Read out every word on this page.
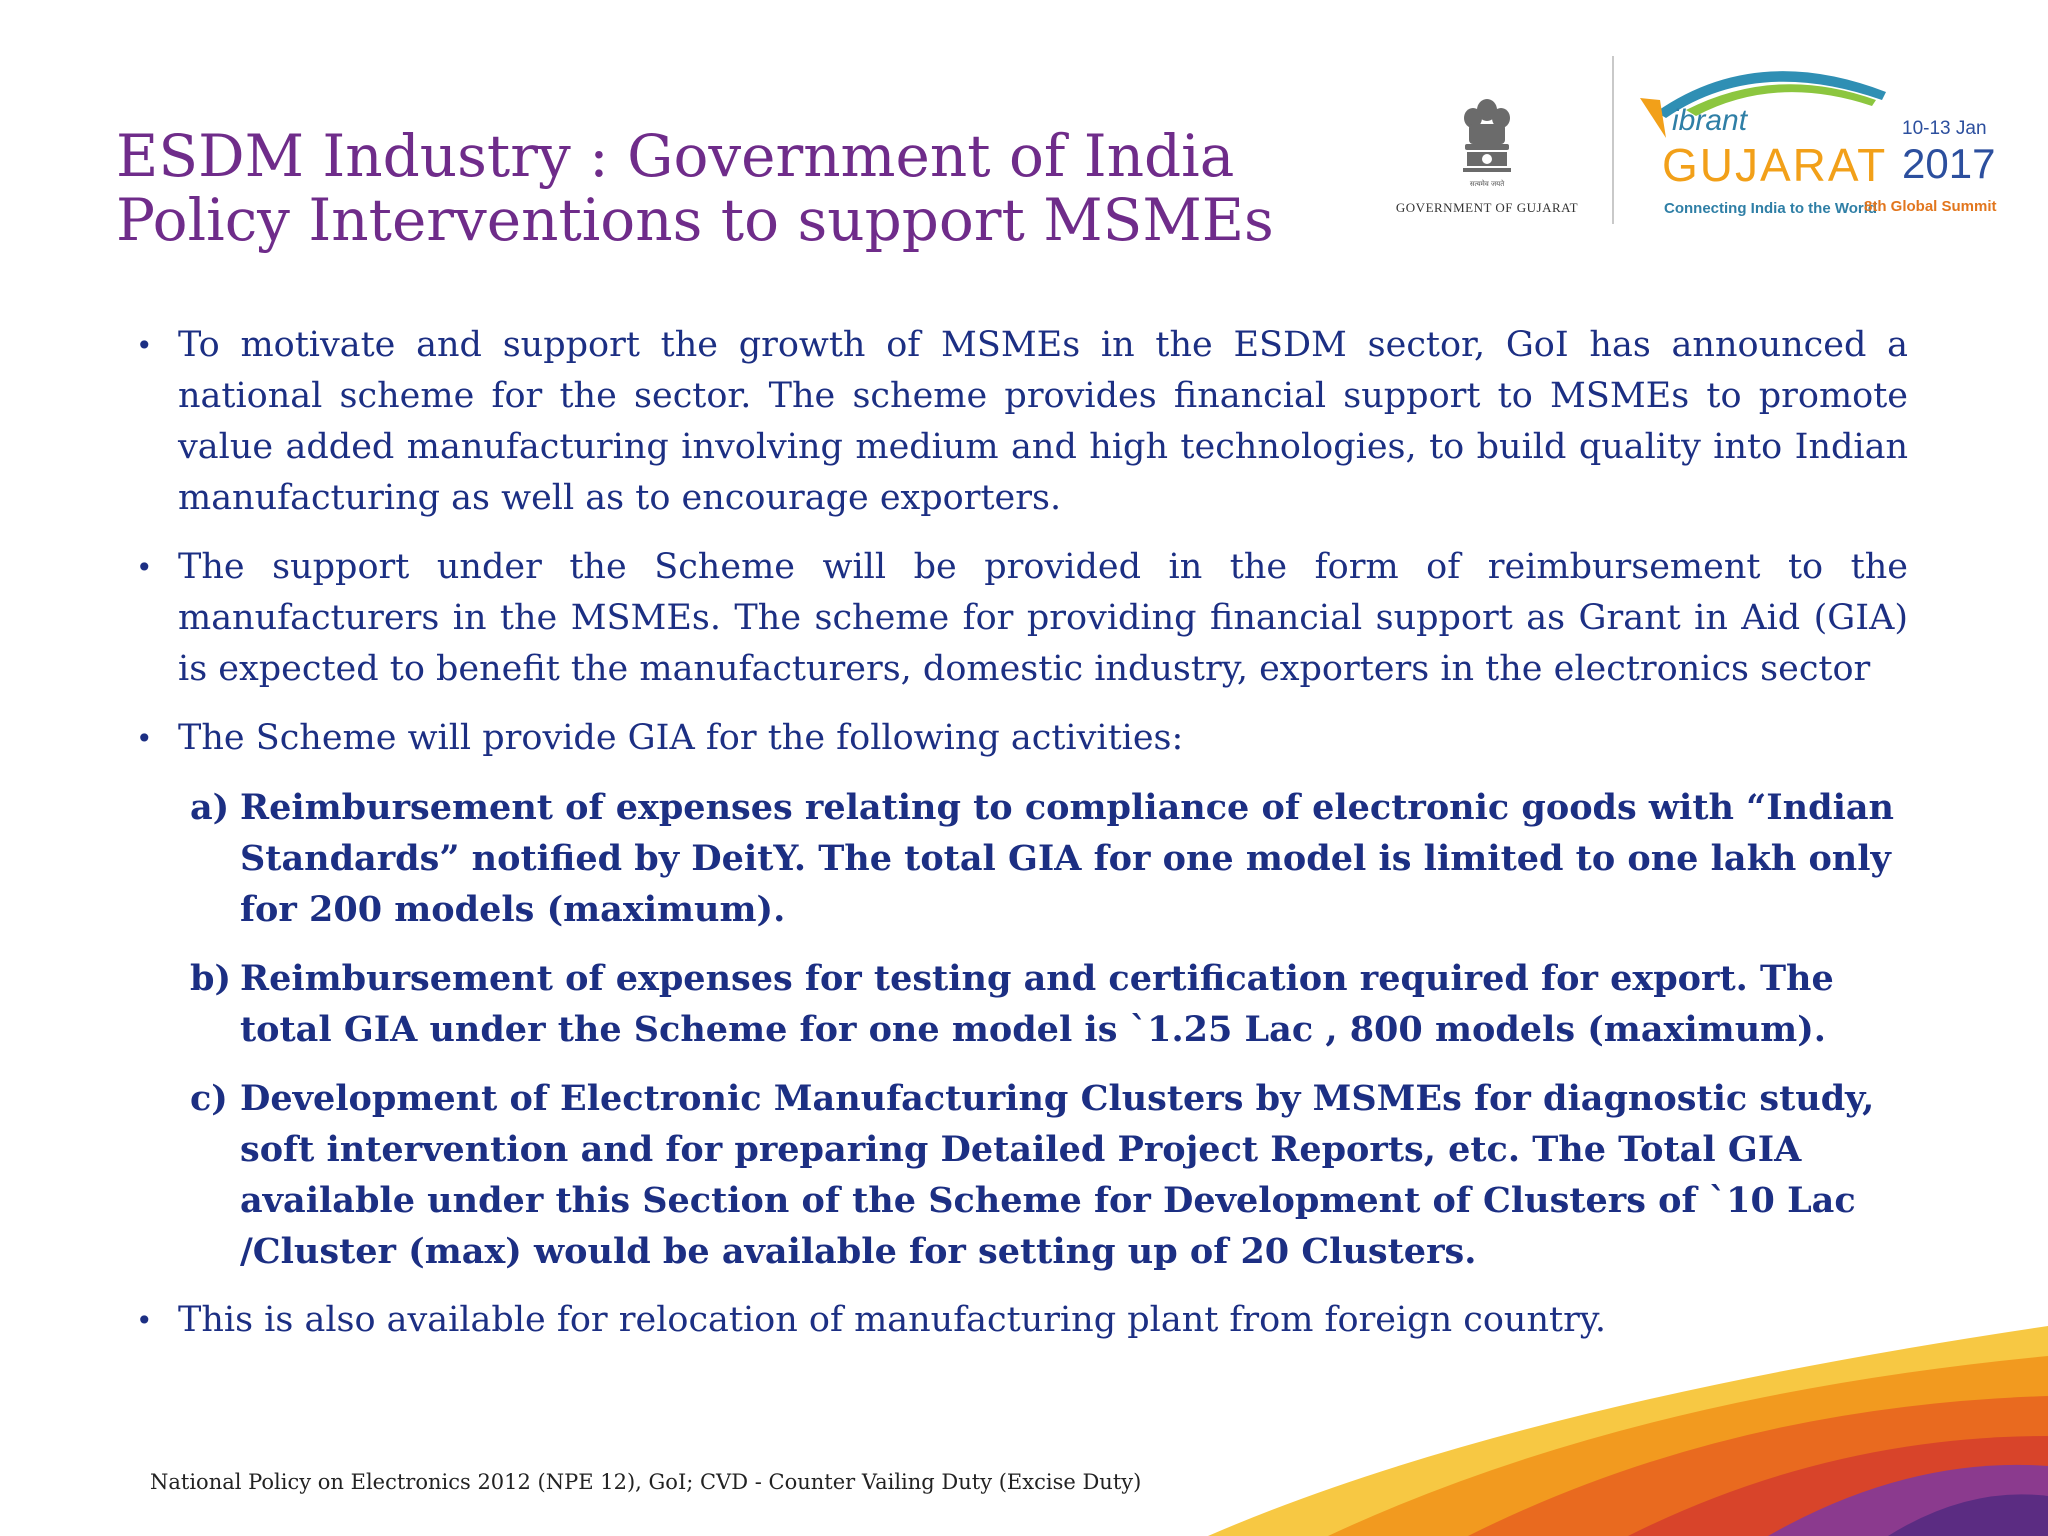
ESDM Industry : Government of India
Policy Interventions to support MSMEs
सत्यमेव जयते
GOVERNMENT OF GUJARAT
ibrant
GUJARAT
10-13 Jan
2017
Connecting India to the World
8th Global Summit

• To motivate and support the growth of MSMEs in the ESDM sector, GoI has announced a national scheme for the sector. The scheme provides financial support to MSMEs to promote value added manufacturing involving medium and high technologies, to build quality into Indian manufacturing as well as to encourage exporters.

• The support under the Scheme will be provided in the form of reimbursement to the manufacturers in the MSMEs. The scheme for providing financial support as Grant in Aid (GIA) is expected to benefit the manufacturers, domestic industry, exporters in the electronics sector

• The Scheme will provide GIA for the following activities:

a) Reimbursement of expenses relating to compliance of electronic goods with “Indian Standards” notified by DeitY. The total GIA for one model is limited to one lakh only for 200 models (maximum).

b) Reimbursement of expenses for testing and certification required for export. The total GIA under the Scheme for one model is `1.25 Lac , 800 models (maximum).

c) Development of Electronic Manufacturing Clusters by MSMEs for diagnostic study, soft intervention and for preparing Detailed Project Reports, etc. The Total GIA available under this Section of the Scheme for Development of Clusters of `10 Lac /Cluster (max) would be available for setting up of 20 Clusters.

• This is also available for relocation of manufacturing plant from foreign country.

National Policy on Electronics 2012 (NPE 12), GoI; CVD - Counter Vailing Duty (Excise Duty)
